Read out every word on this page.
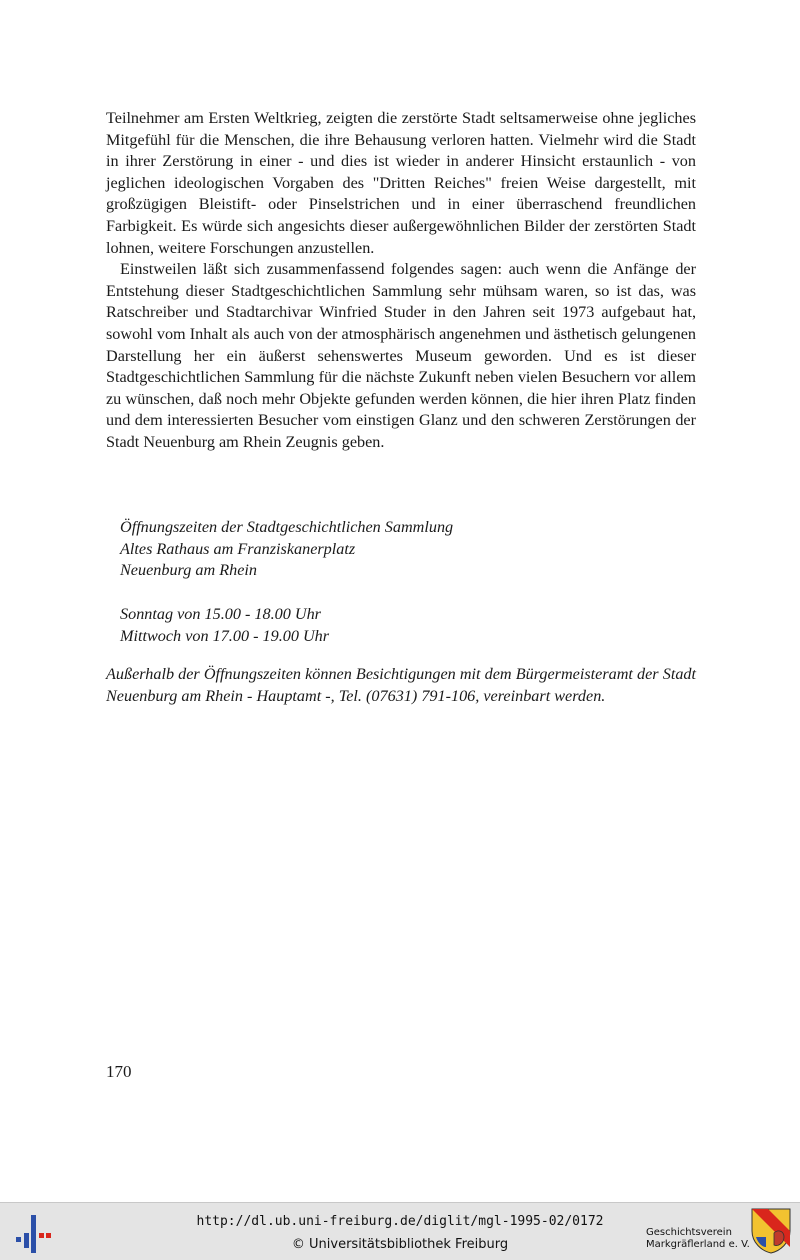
Teilnehmer am Ersten Weltkrieg, zeigten die zerstörte Stadt seltsamerweise ohne jegliches Mitgefühl für die Menschen, die ihre Behausung verloren hatten. Vielmehr wird die Stadt in ihrer Zerstörung in einer - und dies ist wieder in anderer Hinsicht erstaunlich - von jeglichen ideologischen Vorgaben des "Dritten Reiches" freien Weise dargestellt, mit großzügigen Bleistift- oder Pinselstrichen und in einer überraschend freundlichen Farbigkeit. Es würde sich angesichts dieser außergewöhnlichen Bilder der zerstörten Stadt lohnen, weitere Forschungen anzustellen.

Einstweilen läßt sich zusammenfassend folgendes sagen: auch wenn die Anfänge der Entstehung dieser Stadtgeschichtlichen Sammlung sehr mühsam waren, so ist das, was Ratschreiber und Stadtarchivar Winfried Studer in den Jahren seit 1973 aufgebaut hat, sowohl vom Inhalt als auch von der atmosphärisch angenehmen und ästhetisch gelungenen Darstellung her ein äußerst sehenswertes Museum geworden. Und es ist dieser Stadtgeschichtlichen Sammlung für die nächste Zukunft neben vielen Besuchern vor allem zu wünschen, daß noch mehr Objekte gefunden werden können, die hier ihren Platz finden und dem interessierten Besucher vom einstigen Glanz und den schweren Zerstörungen der Stadt Neuenburg am Rhein Zeugnis geben.

Öffnungszeiten der Stadtgeschichtlichen Sammlung
Altes Rathaus am Franziskanerplatz
Neuenburg am Rhein
Sonntag von 15.00 - 18.00 Uhr
Mittwoch von 17.00 - 19.00 Uhr
Außerhalb der Öffnungszeiten können Besichtigungen mit dem Bürgermeisteramt der Stadt Neuenburg am Rhein - Hauptamt -, Tel. (07631) 791-106, vereinbart werden.
170
http://dl.ub.uni-freiburg.de/diglit/mgl-1995-02/0172
© Universitätsbibliothek Freiburg
Geschichtsverein
Markgräflerland e. V.
